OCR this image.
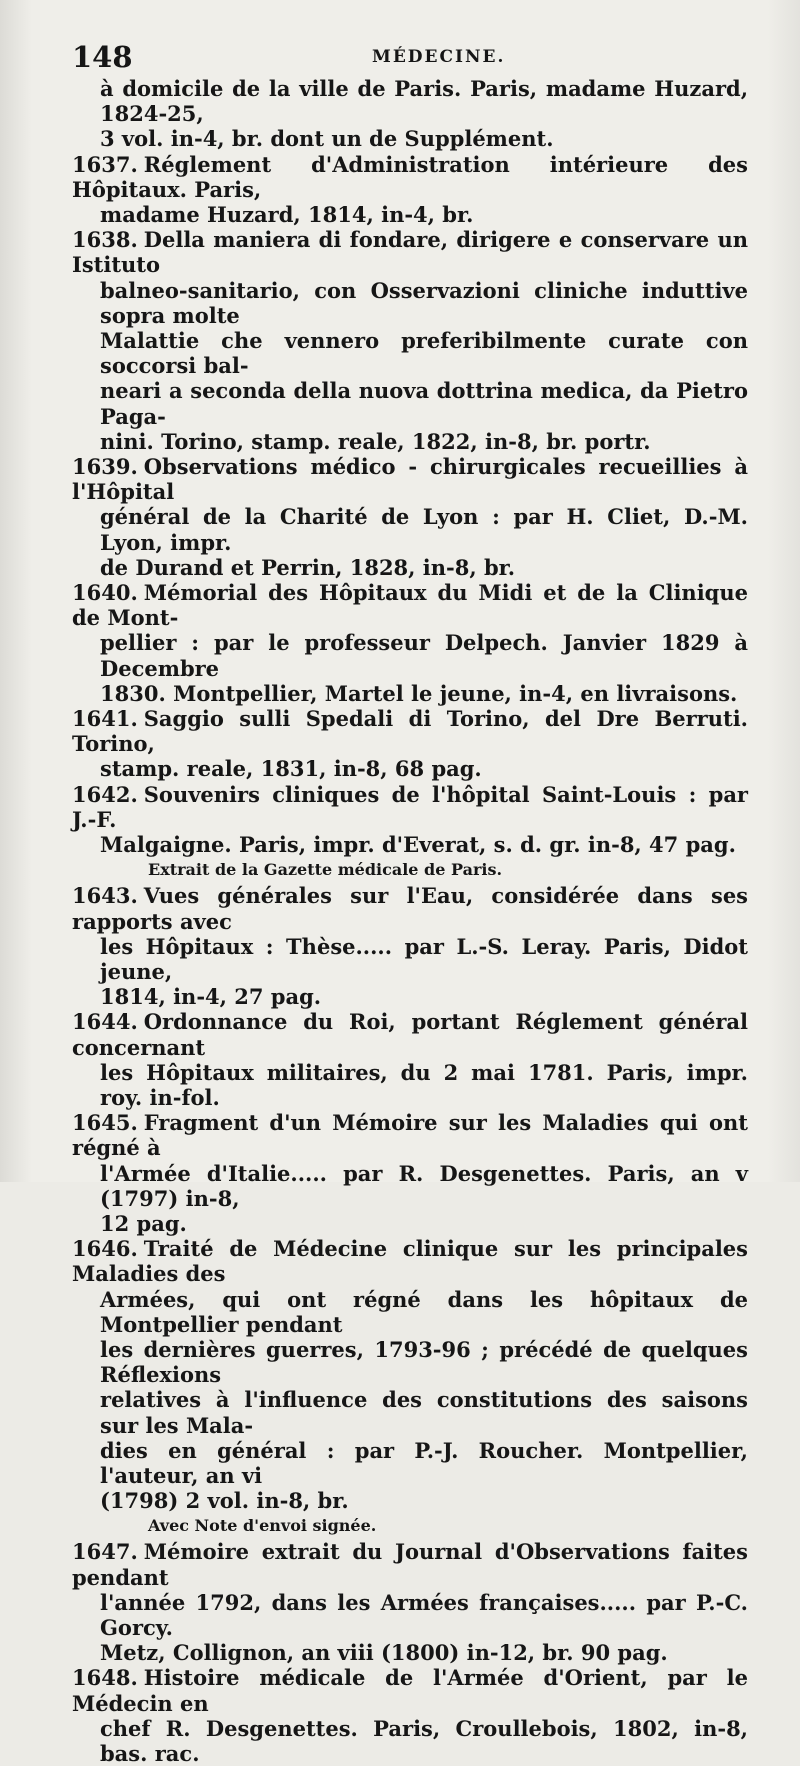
148	MÉDECINE.
à domicile de la ville de Paris. Paris, madame Huzard, 1824-25,
3 vol. in-4, br. dont un de Supplément.
1637. Réglement d'Administration intérieure des Hôpitaux. Paris,
madame Huzard, 1814, in-4, br.
1638. Della maniera di fondare, dirigere e conservare un Istituto
balneo-sanitario, con Osservazioni cliniche induttive sopra molte
Malattie che vennero preferibilmente curate con soccorsi bal-
neari a seconda della nuova dottrina medica, da Pietro Paga-
nini. Torino, stamp. reale, 1822, in-8, br. portr.
1639. Observations médico - chirurgicales recueillies à l'Hôpital
général de la Charité de Lyon : par H. Cliet, D.-M. Lyon, impr.
de Durand et Perrin, 1828, in-8, br.
1640. Mémorial des Hôpitaux du Midi et de la Clinique de Mont-
pellier : par le professeur Delpech. Janvier 1829 à Decembre
1830. Montpellier, Martel le jeune, in-4, en livraisons.
1641. Saggio sulli Spedali di Torino, del Dre Berruti. Torino,
stamp. reale, 1831, in-8, 68 pag.
1642. Souvenirs cliniques de l'hôpital Saint-Louis : par J.-F.
Malgaigne. Paris, impr. d'Everat, s. d. gr. in-8, 47 pag.
Extrait de la Gazette médicale de Paris.
1643. Vues générales sur l'Eau, considérée dans ses rapports avec
les Hôpitaux : Thèse..... par L.-S. Leray. Paris, Didot jeune,
1814, in-4, 27 pag.
1644. Ordonnance du Roi, portant Réglement général concernant
les Hôpitaux militaires, du 2 mai 1781. Paris, impr. roy. in-fol.
1645. Fragment d'un Mémoire sur les Maladies qui ont régné à
l'Armée d'Italie..... par R. Desgenettes. Paris, an v (1797) in-8,
12 pag.
1646. Traité de Médecine clinique sur les principales Maladies des
Armées, qui ont régné dans les hôpitaux de Montpellier pendant
les dernières guerres, 1793-96 ; précédé de quelques Réflexions
relatives à l'influence des constitutions des saisons sur les Mala-
dies en général : par P.-J. Roucher. Montpellier, l'auteur, an vi
(1798) 2 vol. in-8, br.
Avec Note d'envoi signée.
1647. Mémoire extrait du Journal d'Observations faites pendant
l'année 1792, dans les Armées françaises..... par P.-C. Gorcy.
Metz, Collignon, an viii (1800) in-12, br. 90 pag.
1648. Histoire médicale de l'Armée d'Orient, par le Médecin en
chef R. Desgenettes. Paris, Croullebois, 1802, in-8, bas. rac.
